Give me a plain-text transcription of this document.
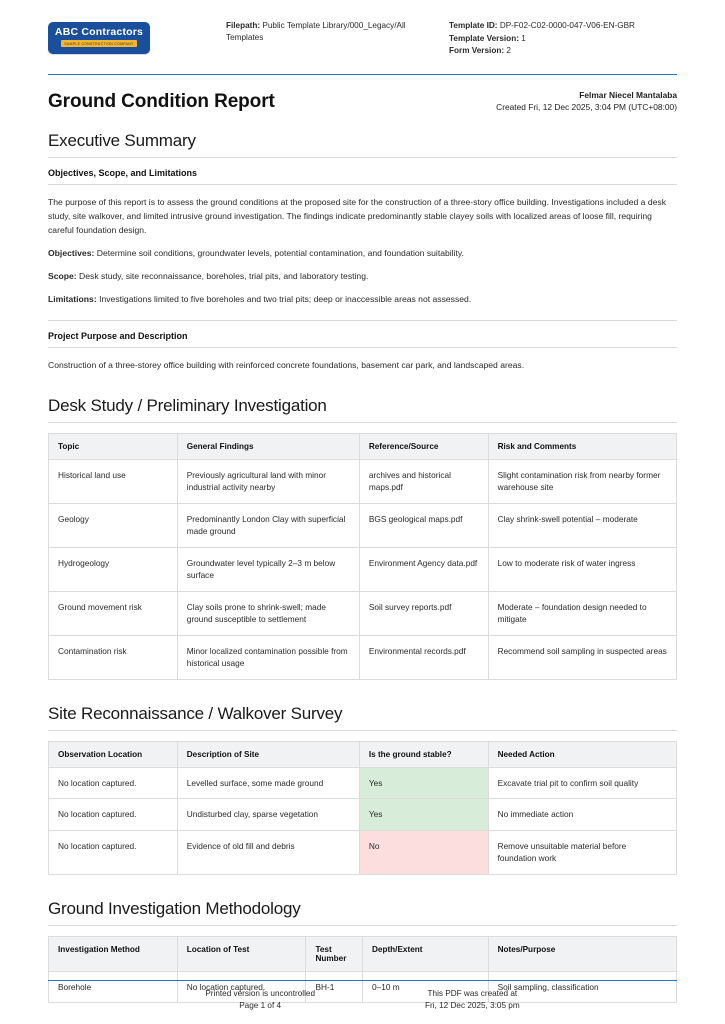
ABC Contractors
SAMPLE CONSTRUCTION COMPANY
Filepath: Public Template Library/000_Legacy/All Templates
Template ID: DP-F02-C02-0000-047-V06-EN-GBR
Template Version: 1
Form Version: 2
Ground Condition Report	Felmar Niecel Mantalaba
Created Fri, 12 Dec 2025, 3:04 PM (UTC+08:00)
Executive Summary
Objectives, Scope, and Limitations

The purpose of this report is to assess the ground conditions at the proposed site for the construction of a three-story office building. Investigations included a desk study, site walkover, and limited intrusive ground investigation. The findings indicate predominantly stable clayey soils with localized areas of loose fill, requiring careful foundation design.

Objectives: Determine soil conditions, groundwater levels, potential contamination, and foundation suitability.

Scope: Desk study, site reconnaissance, boreholes, trial pits, and laboratory testing.

Limitations: Investigations limited to five boreholes and two trial pits; deep or inaccessible areas not assessed.

Project Purpose and Description

Construction of a three-storey office building with reinforced concrete foundations, basement car park, and landscaped areas.

Desk Study / Preliminary Investigation
Topic	General Findings	Reference/Source	Risk and Comments
Historical land use	Previously agricultural land with minor industrial activity nearby	archives and historical maps.pdf	Slight contamination risk from nearby former warehouse site
Geology	Predominantly London Clay with superficial made ground	BGS geological maps.pdf	Clay shrink-swell potential – moderate
Hydrogeology	Groundwater level typically 2–3 m below surface	Environment Agency data.pdf	Low to moderate risk of water ingress
Ground movement risk	Clay soils prone to shrink-swell; made ground susceptible to settlement	Soil survey reports.pdf	Moderate – foundation design needed to mitigate
Contamination risk	Minor localized contamination possible from historical usage	Environmental records.pdf	Recommend soil sampling in suspected areas
Site Reconnaissance / Walkover Survey
Observation Location	Description of Site	Is the ground stable?	Needed Action
No location captured.	Levelled surface, some made ground	Yes	Excavate trial pit to confirm soil quality
No location captured.	Undisturbed clay, sparse vegetation	Yes	No immediate action
No location captured.	Evidence of old fill and debris	No	Remove unsuitable material before foundation work
Ground Investigation Methodology
Investigation Method	Location of Test	Test Number	Depth/Extent	Notes/Purpose
Borehole	No location captured.	BH-1	0–10 m	Soil sampling, classification
Printed version is uncontrolled
Page 1 of 4
This PDF was created at
Fri, 12 Dec 2025, 3:05 pm
